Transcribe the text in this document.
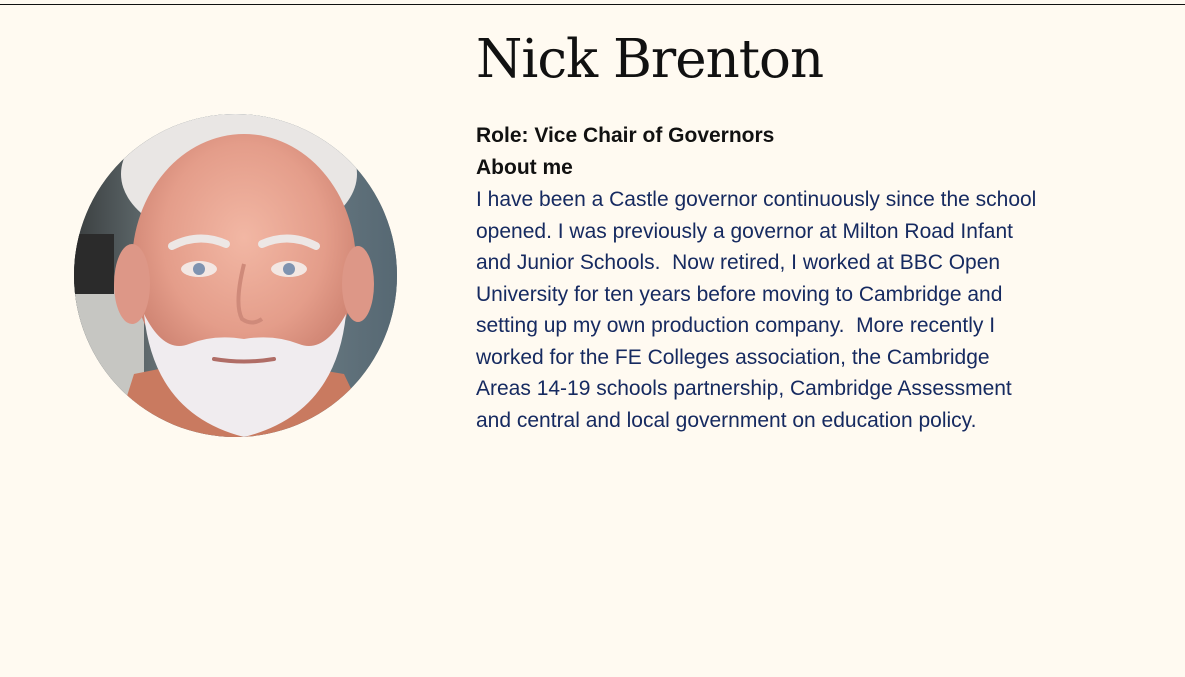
Nick Brenton

Role: Vice Chair of Governors

About me

I have been a Castle governor continuously since the school opened. I was previously a governor at Milton Road Infant and Junior Schools.  Now retired, I worked at BBC Open University for ten years before moving to Cambridge and setting up my own production company.  More recently I worked for the FE Colleges association, the Cambridge Areas 14-19 schools partnership, Cambridge Assessment and central and local government on education policy.
